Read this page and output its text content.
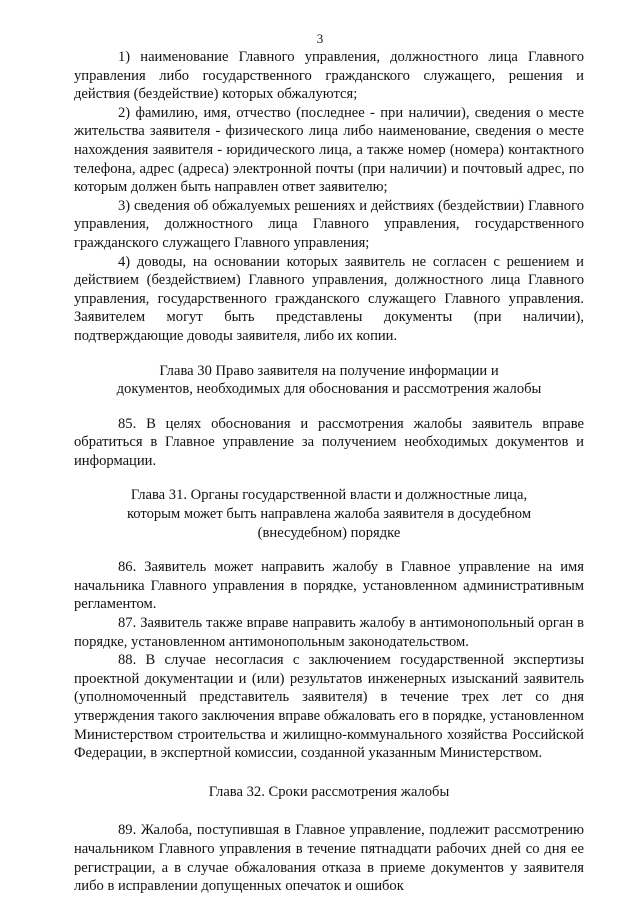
3

1) наименование Главного управления, должностного лица Главного управления либо государственного гражданского служащего, решения и действия (бездействие) которых обжалуются;

2) фамилию, имя, отчество (последнее - при наличии), сведения о месте жительства заявителя - физического лица либо наименование, сведения о месте нахождения заявителя - юридического лица, а также номер (номера) контактного телефона, адрес (адреса) электронной почты (при наличии) и почтовый адрес, по которым должен быть направлен ответ заявителю;

3) сведения об обжалуемых решениях и действиях (бездействии) Главного управления, должностного лица Главного управления, государственного гражданского служащего Главного управления;

4) доводы, на основании которых заявитель не согласен с решением и действием (бездействием) Главного управления, должностного лица Главного управления, государственного гражданского служащего Главного управления. Заявителем могут быть представлены документы (при наличии), подтверждающие доводы заявителя, либо их копии.

Глава 30 Право заявителя на получение информации и
документов, необходимых для обоснования и рассмотрения жалобы

85. В целях обоснования и рассмотрения жалобы заявитель вправе обратиться в Главное управление за получением необходимых документов и информации.

Глава 31. Органы государственной власти и должностные лица,
которым может быть направлена жалоба заявителя в досудебном
(внесудебном) порядке

86. Заявитель может направить жалобу в Главное управление на имя начальника Главного управления в порядке, установленном административным регламентом.

87. Заявитель также вправе направить жалобу в антимонопольный орган в порядке, установленном антимонопольным законодательством.

88. В случае несогласия с заключением государственной экспертизы проектной документации и (или) результатов инженерных изысканий заявитель (уполномоченный представитель заявителя) в течение трех лет со дня утверждения такого заключения вправе обжаловать его в порядке, установленном Министерством строительства и жилищно-коммунального хозяйства Российской Федерации, в экспертной комиссии, созданной указанным Министерством.

Глава 32. Сроки рассмотрения жалобы

89. Жалоба, поступившая в Главное управление, подлежит рассмотрению начальником Главного управления в течение пятнадцати рабочих дней со дня ее регистрации, а в случае обжалования отказа в приеме документов у заявителя либо в исправлении допущенных опечаток и ошибок
